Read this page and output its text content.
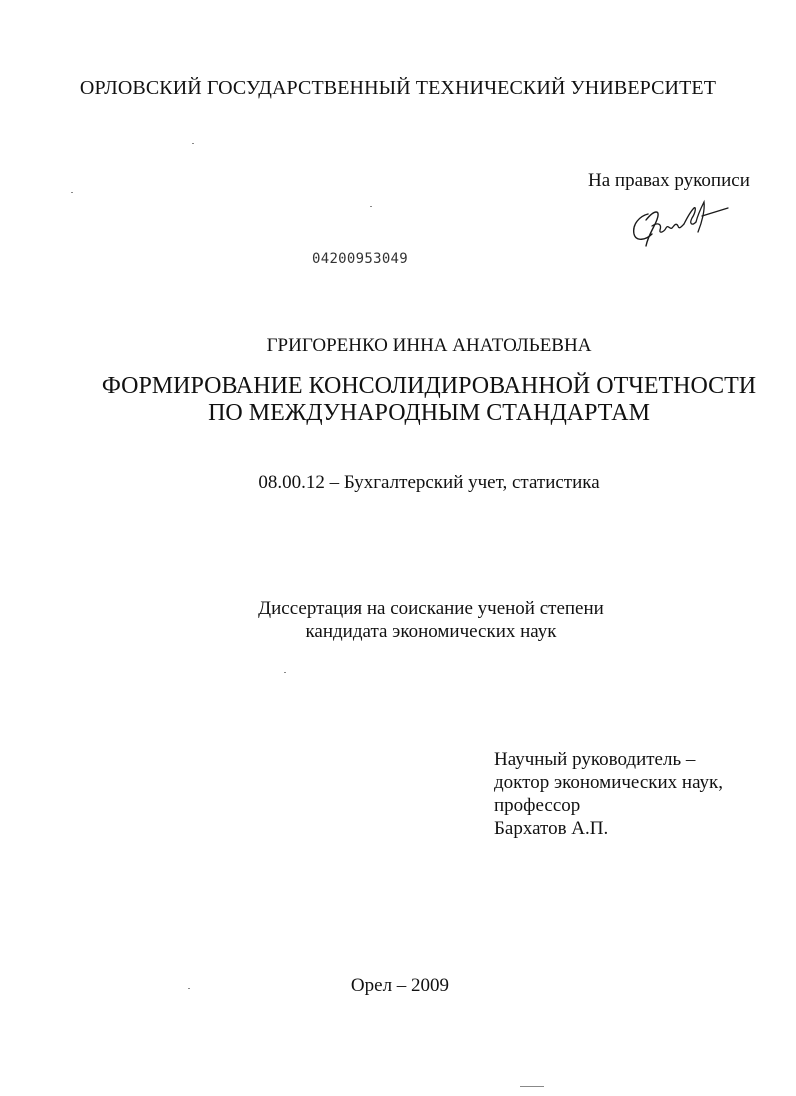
ОРЛОВСКИЙ ГОСУДАРСТВЕННЫЙ ТЕХНИЧЕСКИЙ УНИВЕРСИТЕТ
На правах рукописи
04200953049
ГРИГОРЕНКО ИННА АНАТОЛЬЕВНА
ФОРМИРОВАНИЕ КОНСОЛИДИРОВАННОЙ ОТЧЕТНОСТИ
ПО МЕЖДУНАРОДНЫМ СТАНДАРТАМ
08.00.12 – Бухгалтерский учет, статистика
Диссертация на соискание ученой степени
кандидата экономических наук
Научный руководитель –
доктор экономических наук,
профессор
Бархатов А.П.
Орел – 2009
